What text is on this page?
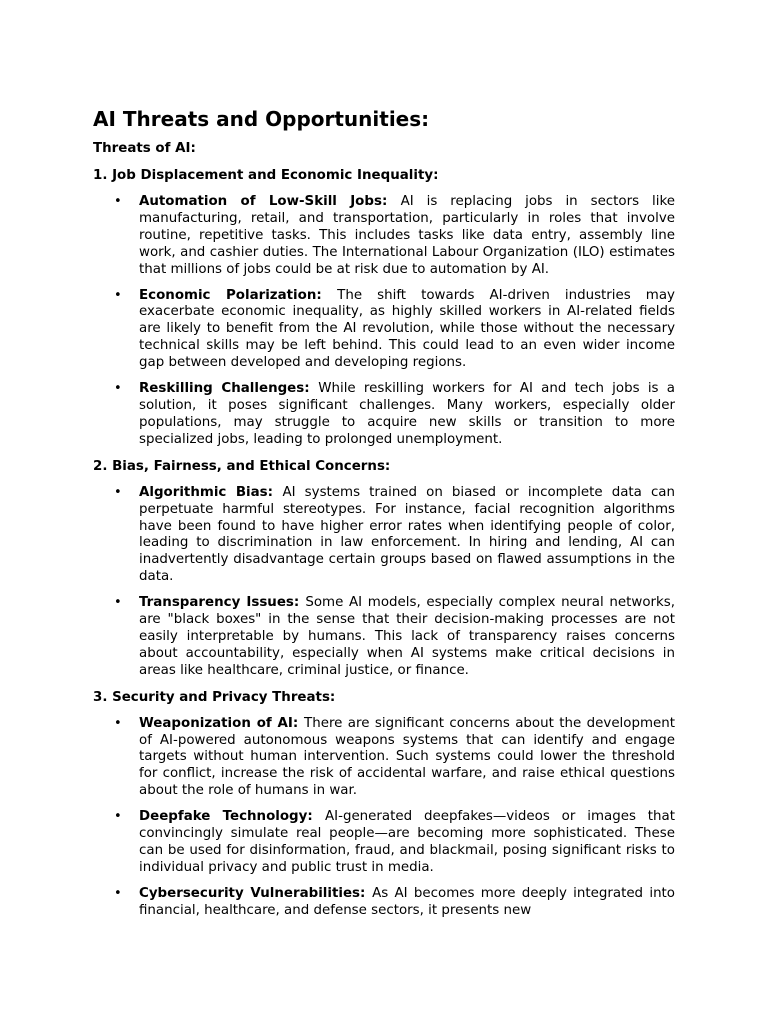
AI Threats and Opportunities:
Threats of AI:
1. Job Displacement and Economic Inequality:
• Automation of Low-Skill Jobs: AI is replacing jobs in sectors like manufacturing, retail, and transportation, particularly in roles that involve routine, repetitive tasks. This includes tasks like data entry, assembly line work, and cashier duties. The International Labour Organization (ILO) estimates that millions of jobs could be at risk due to automation by AI.
• Economic Polarization: The shift towards AI-driven industries may exacerbate economic inequality, as highly skilled workers in AI-related fields are likely to benefit from the AI revolution, while those without the necessary technical skills may be left behind. This could lead to an even wider income gap between developed and developing regions.
• Reskilling Challenges: While reskilling workers for AI and tech jobs is a solution, it poses significant challenges. Many workers, especially older populations, may struggle to acquire new skills or transition to more specialized jobs, leading to prolonged unemployment.
2. Bias, Fairness, and Ethical Concerns:
• Algorithmic Bias: AI systems trained on biased or incomplete data can perpetuate harmful stereotypes. For instance, facial recognition algorithms have been found to have higher error rates when identifying people of color, leading to discrimination in law enforcement. In hiring and lending, AI can inadvertently disadvantage certain groups based on flawed assumptions in the data.
• Transparency Issues: Some AI models, especially complex neural networks, are "black boxes" in the sense that their decision-making processes are not easily interpretable by humans. This lack of transparency raises concerns about accountability, especially when AI systems make critical decisions in areas like healthcare, criminal justice, or finance.
3. Security and Privacy Threats:
• Weaponization of AI: There are significant concerns about the development of AI-powered autonomous weapons systems that can identify and engage targets without human intervention. Such systems could lower the threshold for conflict, increase the risk of accidental warfare, and raise ethical questions about the role of humans in war.
• Deepfake Technology: AI-generated deepfakes—videos or images that convincingly simulate real people—are becoming more sophisticated. These can be used for disinformation, fraud, and blackmail, posing significant risks to individual privacy and public trust in media.
• Cybersecurity Vulnerabilities: As AI becomes more deeply integrated into financial, healthcare, and defense sectors, it presents new
